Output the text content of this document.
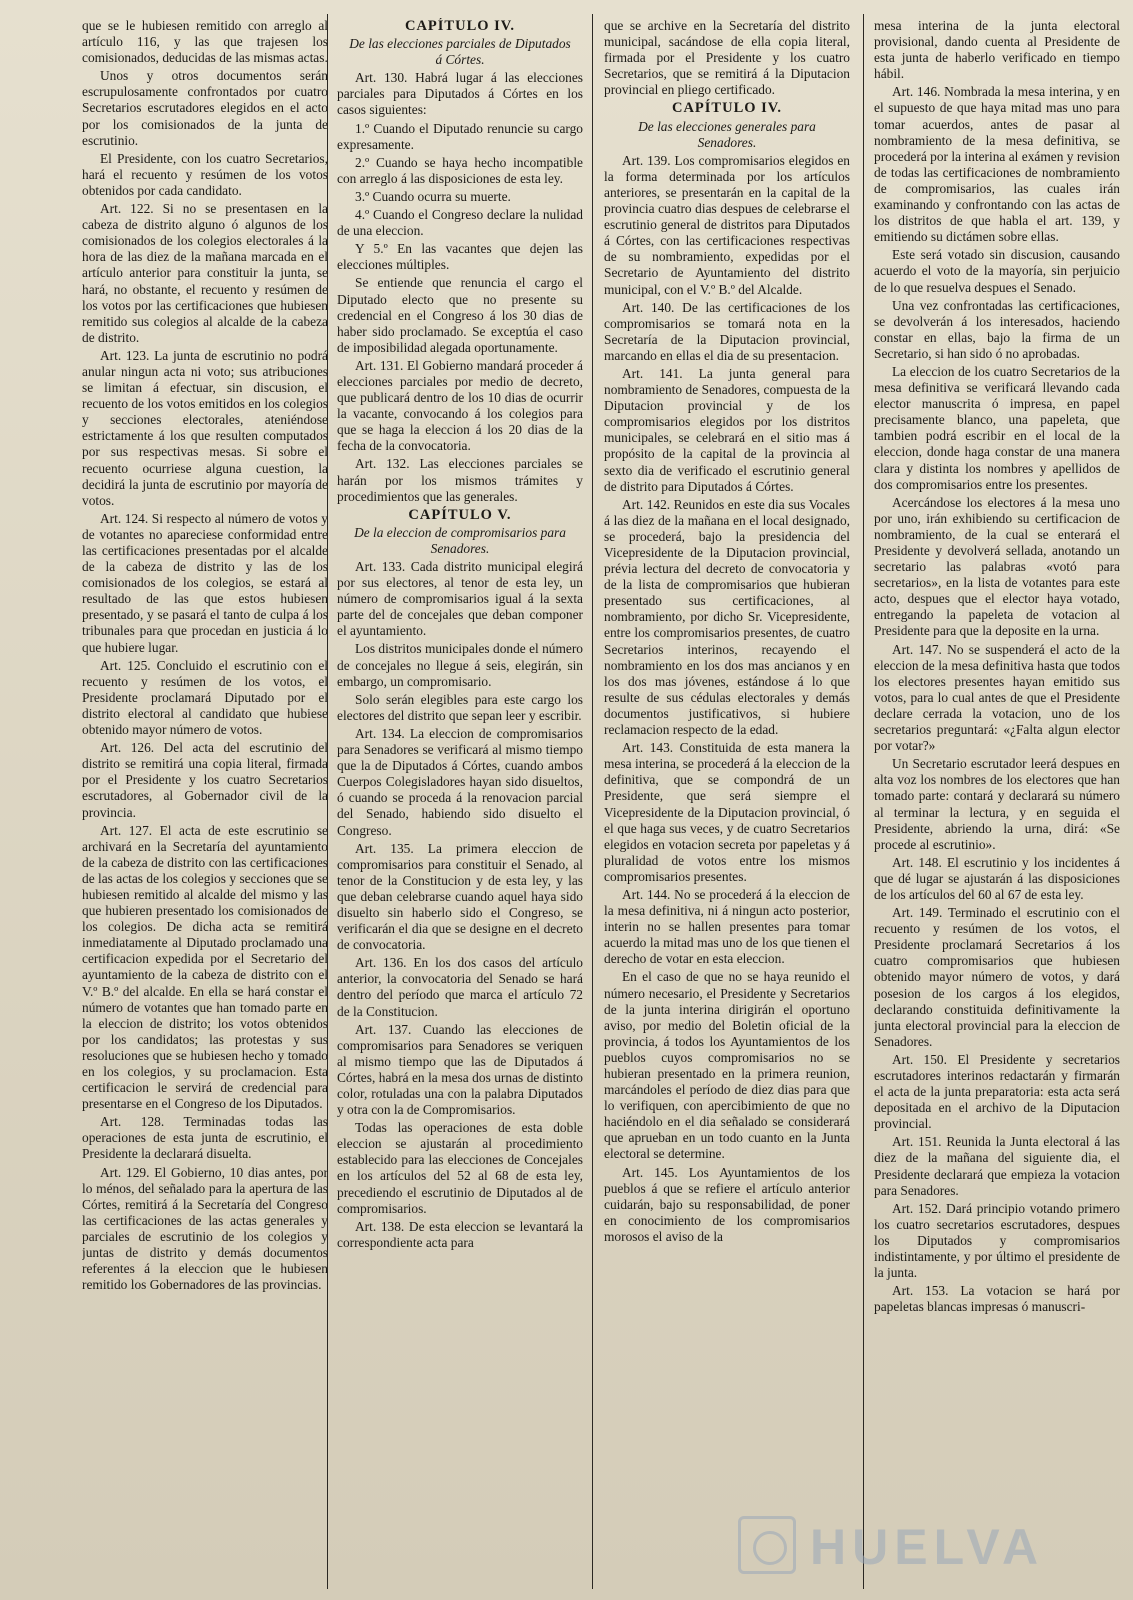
que se le hubiesen remitido con arreglo al artículo 116, y las que trajesen los comisionados, deducidas de las mismas actas.

Unos y otros documentos serán escrupulosamente confrontados por cuatro Secretarios escrutadores elegidos en el acto por los comisionados de la junta de escrutinio.

El Presidente, con los cuatro Secretarios, hará el recuento y resúmen de los votos obtenidos por cada candidato.

Art. 122. Si no se presentasen en la cabeza de distrito alguno ó algunos de los comisionados de los colegios electorales á la hora de las diez de la mañana marcada en el artículo anterior para constituir la junta, se hará, no obstante, el recuento y resúmen de los votos por las certificaciones que hubiesen remitido sus colegios al alcalde de la cabeza de distrito.

Art. 123. La junta de escrutinio no podrá anular ningun acta ni voto; sus atribuciones se limitan á efectuar, sin discusion, el recuento de los votos emitidos en los colegios y secciones electorales, ateniéndose estrictamente á los que resulten computados por sus respectivas mesas. Si sobre el recuento ocurriese alguna cuestion, la decidirá la junta de escrutinio por mayoría de votos.

Art. 124. Si respecto al número de votos y de votantes no apareciese conformidad entre las certificaciones presentadas por el alcalde de la cabeza de distrito y las de los comisionados de los colegios, se estará al resultado de las que estos hubiesen presentado, y se pasará el tanto de culpa á los tribunales para que procedan en justicia á lo que hubiere lugar.

Art. 125. Concluido el escrutinio con el recuento y resúmen de los votos, el Presidente proclamará Diputado por el distrito electoral al candidato que hubiese obtenido mayor número de votos.

Art. 126. Del acta del escrutinio del distrito se remitirá una copia literal, firmada por el Presidente y los cuatro Secretarios escrutadores, al Gobernador civil de la provincia.

Art. 127. El acta de este escrutinio se archivará en la Secretaría del ayuntamiento de la cabeza de distrito con las certificaciones de las actas de los colegios y secciones que se hubiesen remitido al alcalde del mismo y las que hubieren presentado los comisionados de los colegios. De dicha acta se remitirá inmediatamente al Diputado proclamado una certificacion expedida por el Secretario del ayuntamiento de la cabeza de distrito con el V.º B.º del alcalde. En ella se hará constar el número de votantes que han tomado parte en la eleccion de distrito; los votos obtenidos por los candidatos; las protestas y sus resoluciones que se hubiesen hecho y tomado en los colegios, y su proclamacion. Esta certificacion le servirá de credencial para presentarse en el Congreso de los Diputados.

Art. 128. Terminadas todas las operaciones de esta junta de escrutinio, el Presidente la declarará disuelta.

Art. 129. El Gobierno, 10 dias antes, por lo ménos, del señalado para la apertura de las Córtes, remitirá á la Secretaría del Congreso las certificaciones de las actas generales y parciales de escrutinio de los colegios y juntas de distrito y demás documentos referentes á la eleccion que le hubiesen remitido los Gobernadores de las provincias.

CAPÍTULO IV.

De las elecciones parciales de Diputados á Córtes.

Art. 130. Habrá lugar á las elecciones parciales para Diputados á Córtes en los casos siguientes:

1.º Cuando el Diputado renuncie su cargo expresamente.

2.º Cuando se haya hecho incompatible con arreglo á las disposiciones de esta ley.

3.º Cuando ocurra su muerte.

4.º Cuando el Congreso declare la nulidad de una eleccion.

Y 5.º En las vacantes que dejen las elecciones múltiples.

Se entiende que renuncia el cargo el Diputado electo que no presente su credencial en el Congreso á los 30 dias de haber sido proclamado. Se exceptúa el caso de imposibilidad alegada oportunamente.

Art. 131. El Gobierno mandará proceder á elecciones parciales por medio de decreto, que publicará dentro de los 10 dias de ocurrir la vacante, convocando á los colegios para que se haga la eleccion á los 20 dias de la fecha de la convocatoria.

Art. 132. Las elecciones parciales se harán por los mismos trámites y procedimientos que las generales.

CAPÍTULO V.

De la eleccion de compromisarios para Senadores.

Art. 133. Cada distrito municipal elegirá por sus electores, al tenor de esta ley, un número de compromisarios igual á la sexta parte del de concejales que deban componer el ayuntamiento.

Los distritos municipales donde el número de concejales no llegue á seis, elegirán, sin embargo, un compromisario.

Solo serán elegibles para este cargo los electores del distrito que sepan leer y escribir.

Art. 134. La eleccion de compromisarios para Senadores se verificará al mismo tiempo que la de Diputados á Córtes, cuando ambos Cuerpos Colegisladores hayan sido disueltos, ó cuando se proceda á la renovacion parcial del Senado, habiendo sido disuelto el Congreso.

Art. 135. La primera eleccion de compromisarios para constituir el Senado, al tenor de la Constitucion y de esta ley, y las que deban celebrarse cuando aquel haya sido disuelto sin haberlo sido el Congreso, se verificarán el dia que se designe en el decreto de convocatoria.

Art. 136. En los dos casos del artículo anterior, la convocatoria del Senado se hará dentro del período que marca el artículo 72 de la Constitucion.

Art. 137. Cuando las elecciones de compromisarios para Senadores se veriquen al mismo tiempo que las de Diputados á Córtes, habrá en la mesa dos urnas de distinto color, rotuladas una con la palabra Diputados y otra con la de Compromisarios.

Todas las operaciones de esta doble eleccion se ajustarán al procedimiento establecido para las elecciones de Concejales en los artículos del 52 al 68 de esta ley, precediendo el escrutinio de Diputados al de compromisarios.

Art. 138. De esta eleccion se levantará la correspondiente acta para

que se archive en la Secretaría del distrito municipal, sacándose de ella copia literal, firmada por el Presidente y los cuatro Secretarios, que se remitirá á la Diputacion provincial en pliego certificado.

CAPÍTULO IV.

De las elecciones generales para Senadores.

Art. 139. Los compromisarios elegidos en la forma determinada por los artículos anteriores, se presentarán en la capital de la provincia cuatro dias despues de celebrarse el escrutinio general de distritos para Diputados á Córtes, con las certificaciones respectivas de su nombramiento, expedidas por el Secretario de Ayuntamiento del distrito municipal, con el V.º B.º del Alcalde.

Art. 140. De las certificaciones de los compromisarios se tomará nota en la Secretaría de la Diputacion provincial, marcando en ellas el dia de su presentacion.

Art. 141. La junta general para nombramiento de Senadores, compuesta de la Diputacion provincial y de los compromisarios elegidos por los distritos municipales, se celebrará en el sitio mas á propósito de la capital de la provincia al sexto dia de verificado el escrutinio general de distrito para Diputados á Córtes.

Art. 142. Reunidos en este dia sus Vocales á las diez de la mañana en el local designado, se procederá, bajo la presidencia del Vicepresidente de la Diputacion provincial, prévia lectura del decreto de convocatoria y de la lista de compromisarios que hubieran presentado sus certificaciones, al nombramiento, por dicho Sr. Vicepresidente, entre los compromisarios presentes, de cuatro Secretarios interinos, recayendo el nombramiento en los dos mas ancianos y en los dos mas jóvenes, estándose á lo que resulte de sus cédulas electorales y demás documentos justificativos, si hubiere reclamacion respecto de la edad.

Art. 143. Constituida de esta manera la mesa interina, se procederá á la eleccion de la definitiva, que se compondrá de un Presidente, que será siempre el Vicepresidente de la Diputacion provincial, ó el que haga sus veces, y de cuatro Secretarios elegidos en votacion secreta por papeletas y á pluralidad de votos entre los mismos compromisarios presentes.

Art. 144. No se procederá á la eleccion de la mesa definitiva, ni á ningun acto posterior, interin no se hallen presentes para tomar acuerdo la mitad mas uno de los que tienen el derecho de votar en esta eleccion.

En el caso de que no se haya reunido el número necesario, el Presidente y Secretarios de la junta interina dirigirán el oportuno aviso, por medio del Boletin oficial de la provincia, á todos los Ayuntamientos de los pueblos cuyos compromisarios no se hubieran presentado en la primera reunion, marcándoles el período de diez dias para que lo verifiquen, con apercibimiento de que no haciéndolo en el dia señalado se considerará que aprueban en un todo cuanto en la Junta electoral se determine.

Art. 145. Los Ayuntamientos de los pueblos á que se refiere el artículo anterior cuidarán, bajo su responsabilidad, de poner en conocimiento de los compromisarios morosos el aviso de la

mesa interina de la junta electoral provisional, dando cuenta al Presidente de esta junta de haberlo verificado en tiempo hábil.

Art. 146. Nombrada la mesa interina, y en el supuesto de que haya mitad mas uno para tomar acuerdos, antes de pasar al nombramiento de la mesa definitiva, se procederá por la interina al exámen y revision de todas las certificaciones de nombramiento de compromisarios, las cuales irán examinando y confrontando con las actas de los distritos de que habla el art. 139, y emitiendo su dictámen sobre ellas.

Este será votado sin discusion, causando acuerdo el voto de la mayoría, sin perjuicio de lo que resuelva despues el Senado.

Una vez confrontadas las certificaciones, se devolverán á los interesados, haciendo constar en ellas, bajo la firma de un Secretario, si han sido ó no aprobadas.

La eleccion de los cuatro Secretarios de la mesa definitiva se verificará llevando cada elector manuscrita ó impresa, en papel precisamente blanco, una papeleta, que tambien podrá escribir en el local de la eleccion, donde haga constar de una manera clara y distinta los nombres y apellidos de dos compromisarios entre los presentes.

Acercándose los electores á la mesa uno por uno, irán exhibiendo su certificacion de nombramiento, de la cual se enterará el Presidente y devolverá sellada, anotando un secretario las palabras «votó para secretarios», en la lista de votantes para este acto, despues que el elector haya votado, entregando la papeleta de votacion al Presidente para que la deposite en la urna.

Art. 147. No se suspenderá el acto de la eleccion de la mesa definitiva hasta que todos los electores presentes hayan emitido sus votos, para lo cual antes de que el Presidente declare cerrada la votacion, uno de los secretarios preguntará: «¿Falta algun elector por votar?»

Un Secretario escrutador leerá despues en alta voz los nombres de los electores que han tomado parte: contará y declarará su número al terminar la lectura, y en seguida el Presidente, abriendo la urna, dirá: «Se procede al escrutinio».

Art. 148. El escrutinio y los incidentes á que dé lugar se ajustarán á las disposiciones de los artículos del 60 al 67 de esta ley.

Art. 149. Terminado el escrutinio con el recuento y resúmen de los votos, el Presidente proclamará Secretarios á los cuatro compromisarios que hubiesen obtenido mayor número de votos, y dará posesion de los cargos á los elegidos, declarando constituida definitivamente la junta electoral provincial para la eleccion de Senadores.

Art. 150. El Presidente y secretarios escrutadores interinos redactarán y firmarán el acta de la junta preparatoria: esta acta será depositada en el archivo de la Diputacion provincial.

Art. 151. Reunida la Junta electoral á las diez de la mañana del siguiente dia, el Presidente declarará que empieza la votacion para Senadores.

Art. 152. Dará principio votando primero los cuatro secretarios escrutadores, despues los Diputados y compromisarios indistintamente, y por último el presidente de la junta.

Art. 153. La votacion se hará por papeletas blancas impresas ó manuscri-

HUELVA
